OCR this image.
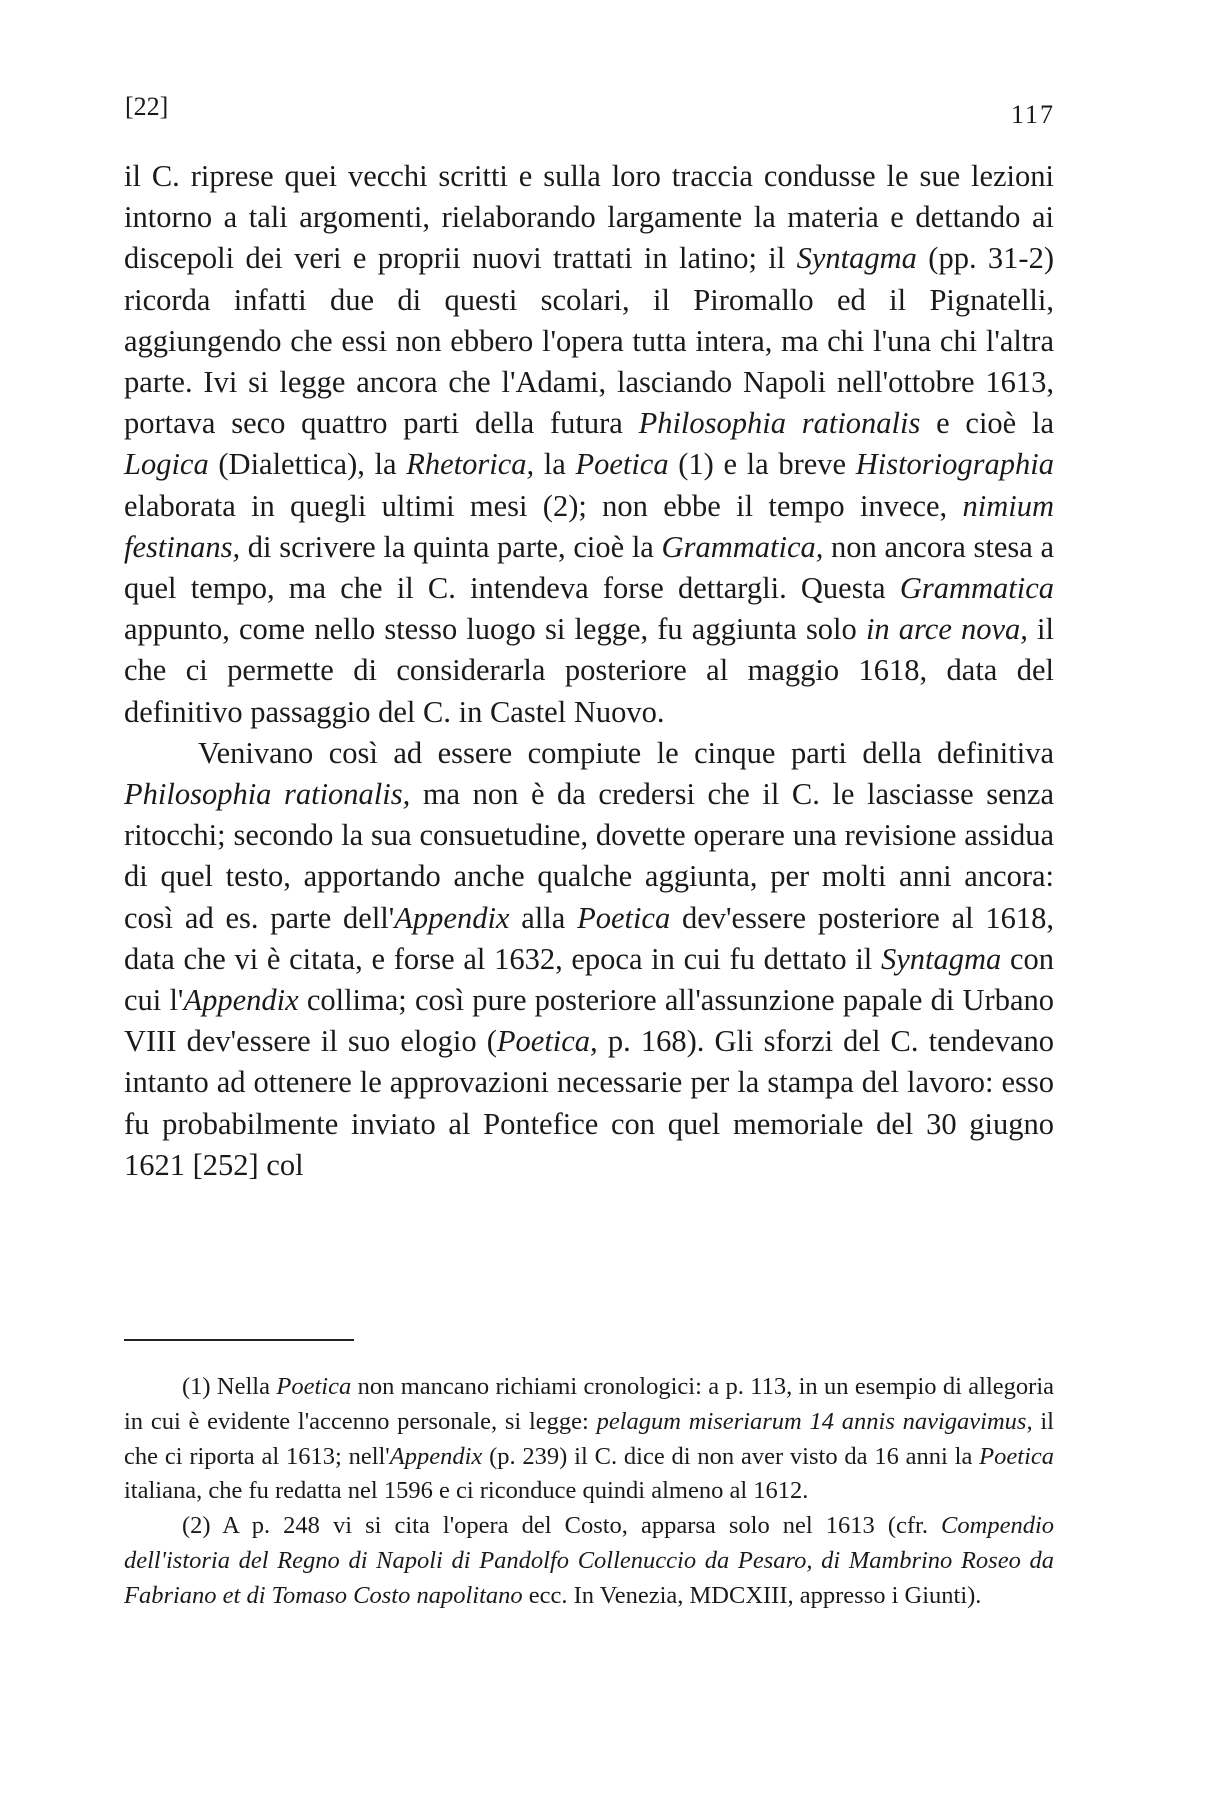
[22]	117

il C. riprese quei vecchi scritti e sulla loro traccia condusse le sue lezioni intorno a tali argomenti, rielaborando largamente la materia e dettando ai discepoli dei veri e proprii nuovi trattati in latino; il Syntagma (pp. 31-2) ricorda infatti due di questi scolari, il Piromallo ed il Pignatelli, aggiungendo che essi non ebbero l'opera tutta intera, ma chi l'una chi l'altra parte. Ivi si legge ancora che l'Adami, lasciando Napoli nell'ottobre 1613, portava seco quattro parti della futura Philosophia rationalis e cioè la Logica (Dialettica), la Rhetorica, la Poetica (1) e la breve Historiographia elaborata in quegli ultimi mesi (2); non ebbe il tempo invece, nimium festinans, di scrivere la quinta parte, cioè la Grammatica, non ancora stesa a quel tempo, ma che il C. intendeva forse dettargli. Questa Grammatica appunto, come nello stesso luogo si legge, fu aggiunta solo in arce nova, il che ci permette di considerarla posteriore al maggio 1618, data del definitivo passaggio del C. in Castel Nuovo.

Venivano così ad essere compiute le cinque parti della definitiva Philosophia rationalis, ma non è da credersi che il C. le lasciasse senza ritocchi; secondo la sua consuetudine, dovette operare una revisione assidua di quel testo, apportando anche qualche aggiunta, per molti anni ancora: così ad es. parte dell'Appendix alla Poetica dev'essere posteriore al 1618, data che vi è citata, e forse al 1632, epoca in cui fu dettato il Syntagma con cui l'Appendix collima; così pure posteriore all'assunzione papale di Urbano VIII dev'essere il suo elogio (Poetica, p. 168). Gli sforzi del C. tendevano intanto ad ottenere le approvazioni necessarie per la stampa del lavoro: esso fu probabilmente inviato al Pontefice con quel memoriale del 30 giugno 1621 [252] col

(1) Nella Poetica non mancano richiami cronologici: a p. 113, in un esempio di allegoria in cui è evidente l'accenno personale, si legge: pelagum miseriarum 14 annis navigavimus, il che ci riporta al 1613; nell'Appendix (p. 239) il C. dice di non aver visto da 16 anni la Poetica italiana, che fu redatta nel 1596 e ci riconduce quindi almeno al 1612.

(2) A p. 248 vi si cita l'opera del Costo, apparsa solo nel 1613 (cfr. Compendio dell'istoria del Regno di Napoli di Pandolfo Collenuccio da Pesaro, di Mambrino Roseo da Fabriano et di Tomaso Costo napolitano ecc. In Venezia, MDCXIII, appresso i Giunti).
